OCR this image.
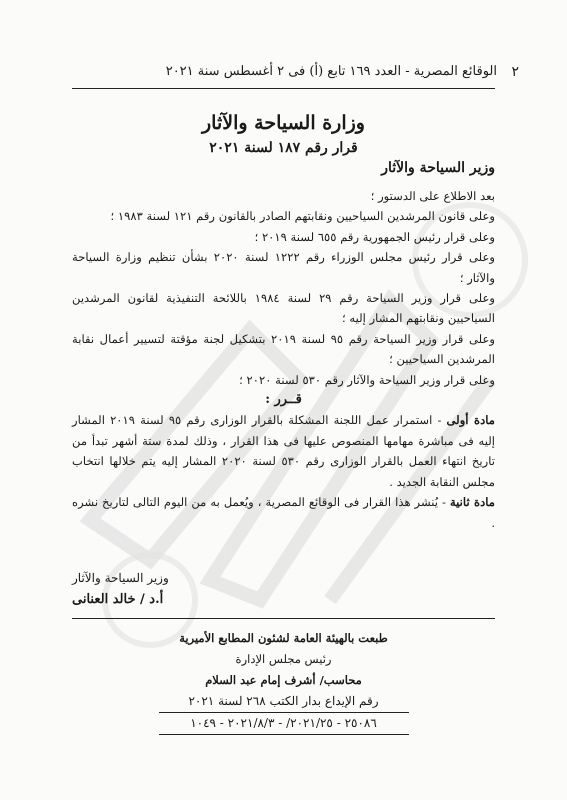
٢
الوقائع المصرية - العدد ١٦٩ تابع (أ) فى ٢ أغسطس سنة ٢٠٢١
وزارة السياحة والآثار
قرار رقم ١٨٧ لسنة ٢٠٢١
وزير السياحة والآثار

بعد الاطلاع على الدستور ؛

وعلى قانون المرشدين السياحيين ونقابتهم الصادر بالقانون رقم ١٢١ لسنة ١٩٨٣ ؛

وعلى قرار رئيس الجمهورية رقم ٦٥٥ لسنة ٢٠١٩ ؛

وعلى قرار رئيس مجلس الوزراء رقم ١٢٢٢ لسنة ٢٠٢٠ بشأن تنظيم وزارة السياحة والآثار ؛

وعلى قرار وزير السياحة رقم ٢٩ لسنة ١٩٨٤ باللائحة التنفيذية لقانون المرشدين السياحيين ونقابتهم المشار إليه ؛

وعلى قرار وزير السياحة رقم ٩٥ لسنة ٢٠١٩ بتشكيل لجنة مؤقتة لتسيير أعمال نقابة المرشدين السياحيين ؛

وعلى قرار وزير السياحة والآثار رقم ٥٣٠ لسنة ٢٠٢٠ ؛

قــرر :

مادة أولى - استمرار عمل اللجنة المشكلة بالقرار الوزارى رقم ٩٥ لسنة ٢٠١٩ المشار إليه فى مباشرة مهامها المنصوص عليها فى هذا القرار ، وذلك لمدة ستة أشهر تبدأ من تاريخ انتهاء العمل بالقرار الوزارى رقم ٥٣٠ لسنة ٢٠٢٠ المشار إليه يتم خلالها انتخاب مجلس النقابة الجديد .

مادة ثانية - يُنشر هذا القرار فى الوقائع المصرية ، ويُعمل به من اليوم التالى لتاريخ نشره .

وزير السياحة والآثار
أ.د / خالد العنانى
طبعت بالهيئة العامة لشئون المطابع الأميرية
رئيس مجلس الإدارة
محاسب/ أشرف إمام عبد السلام
رقم الإيداع بدار الكتب ٢٦٨ لسنة ٢٠٢١
٢٥٠٨٦ - ٢٠٢١/٢٥/ - ٢٠٢١/٨/٣ - ١٠٤٩
